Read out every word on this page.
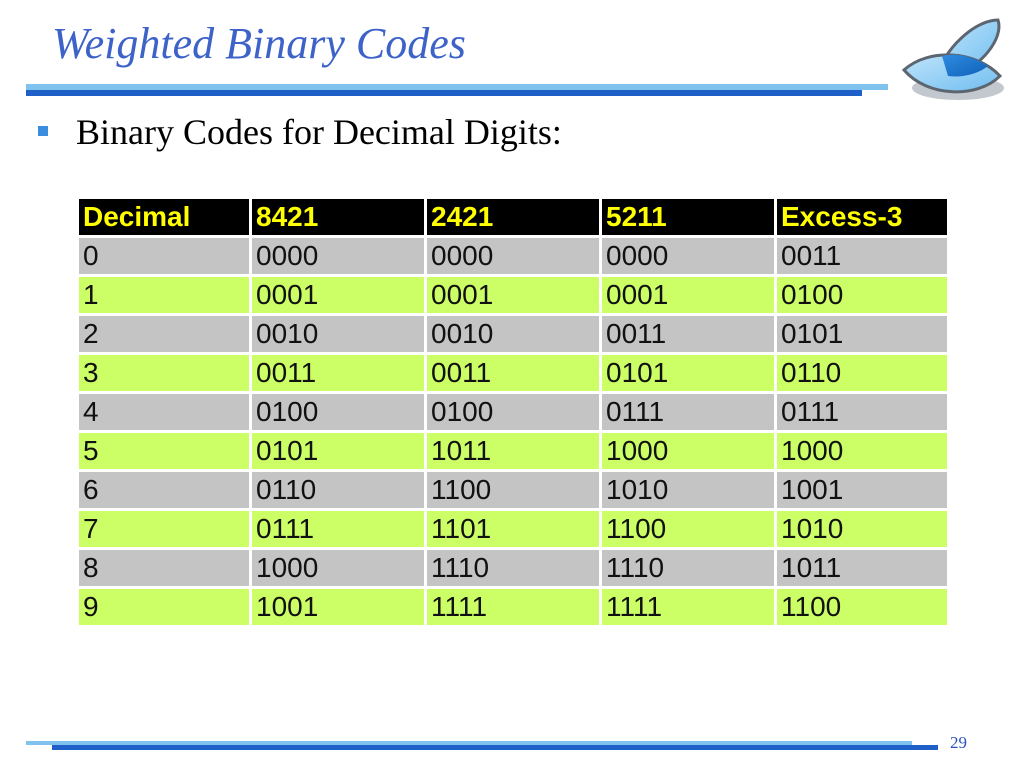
Weighted Binary Codes
Binary Codes for Decimal Digits:
Decimal	8421	2421	5211	Excess-3
0	0000	0000	0000	0011
1	0001	0001	0001	0100
2	0010	0010	0011	0101
3	0011	0011	0101	0110
4	0100	0100	0111	0111
5	0101	1011	1000	1000
6	0110	1100	1010	1001
7	0111	1101	1100	1010
8	1000	1110	1110	1011
9	1001	1111	1111	1100
29
